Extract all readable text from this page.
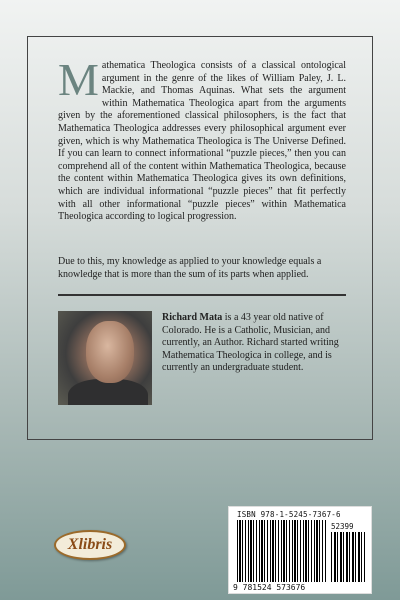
Mathematica Theologica consists of a classical ontological argument in the genre of the likes of William Paley, J. L. Mackie, and Thomas Aquinas. What sets the argument within Mathematica Theologica apart from the arguments given by the aforementioned classical philosophers, is the fact that Mathematica Theologica addresses every philosophical argument ever given, which is why Mathematica Theologica is The Universe Defined. If you can learn to connect informational “puzzle pieces,” then you can comprehend all of the content within Mathematica Theologica, because the content within Mathematica Theologica gives its own definitions, which are individual informational “puzzle pieces” that fit perfectly with all other informational “puzzle pieces” within Mathematica Theologica according to logical progression.
Due to this, my knowledge as applied to your knowledge equals a knowledge that is more than the sum of its parts when applied.
Richard Mata is a 43 year old native of Colorado. He is a Catholic, Musician, and currently, an Author. Richard started writing Mathematica Theologica in college, and is currently an undergraduate student.
Xlibris
ISBN 978-1-5245-7367-6
52399
9 781524 573676
